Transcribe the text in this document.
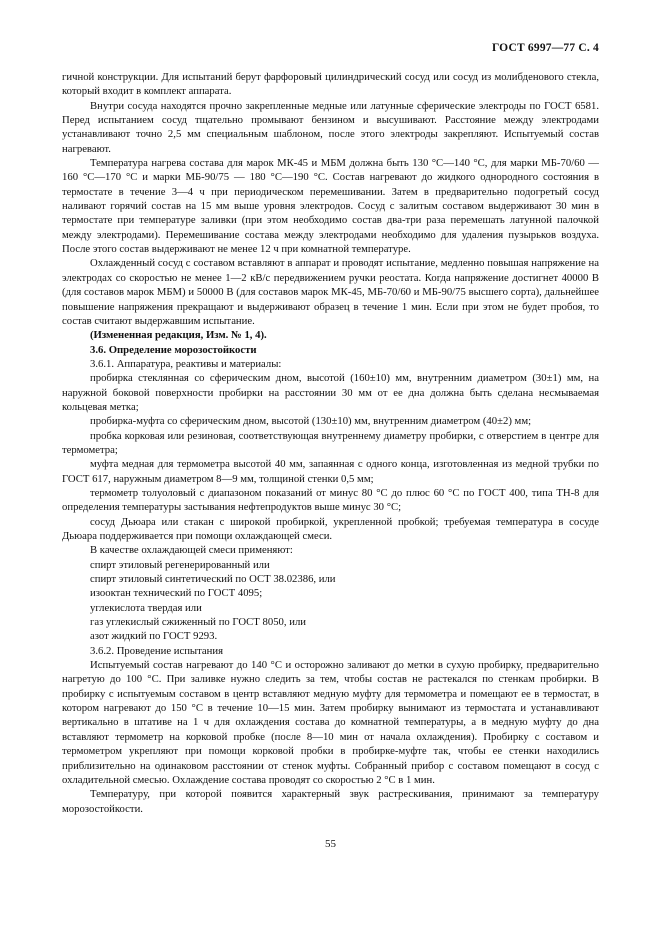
ГОСТ 6997—77 С. 4

гичной конструкции. Для испытаний берут фарфоровый цилиндрический сосуд или сосуд из молибденового стекла, который входит в комплект аппарата.

Внутри сосуда находятся прочно закрепленные медные или латунные сферические электроды по ГОСТ 6581. Перед испытанием сосуд тщательно промывают бензином и высушивают. Расстояние между электродами устанавливают точно 2,5 мм специальным шаблоном, после этого электроды закрепляют. Испытуемый состав нагревают.

Температура нагрева состава для марок МК-45 и МБМ должна быть 130 °С—140 °С, для марки МБ-70/60 — 160 °С—170 °С и марки МБ-90/75 — 180 °С—190 °С. Состав нагревают до жидкого однородного состояния в термостате в течение 3—4 ч при периодическом перемешивании. Затем в предварительно подогретый сосуд наливают горячий состав на 15 мм выше уровня электродов. Сосуд с залитым составом выдерживают 30 мин в термостате при температуре заливки (при этом необходимо состав два-три раза перемешать латунной палочкой между электродами). Перемешивание состава между электродами необходимо для удаления пузырьков воздуха. После этого состав выдерживают не менее 12 ч при комнатной температуре.

Охлажденный сосуд с составом вставляют в аппарат и проводят испытание, медленно повышая напряжение на электродах со скоростью не менее 1—2 кВ/с передвижением ручки реостата. Когда напряжение достигнет 40000 В (для составов марок МБМ) и 50000 В (для составов марок МК-45, МБ-70/60 и МБ-90/75 высшего сорта), дальнейшее повышение напряжения прекращают и выдерживают образец в течение 1 мин. Если при этом не будет пробоя, то состав считают выдержавшим испытание.

(Измененная редакция, Изм. № 1, 4).

3.6. Определение морозостойкости

3.6.1. Аппаратура, реактивы и материалы:

пробирка стеклянная со сферическим дном, высотой (160±10) мм, внутренним диаметром (30±1) мм, на наружной боковой поверхности пробирки на расстоянии 30 мм от ее дна должна быть сделана несмываемая кольцевая метка;

пробирка-муфта со сферическим дном, высотой (130±10) мм, внутренним диаметром (40±2) мм;

пробка корковая или резиновая, соответствующая внутреннему диаметру пробирки, с отверстием в центре для термометра;

муфта медная для термометра высотой 40 мм, запаянная с одного конца, изготовленная из медной трубки по ГОСТ 617, наружным диаметром 8—9 мм, толщиной стенки 0,5 мм;

термометр толуоловый с диапазоном показаний от минус 80 °С до плюс 60 °С по ГОСТ 400, типа ТН-8 для определения температуры застывания нефтепродуктов выше минус 30 °С;

сосуд Дьюара или стакан с широкой пробиркой, укрепленной пробкой; требуемая температура в сосуде Дьюара поддерживается при помощи охлаждающей смеси.

В качестве охлаждающей смеси применяют:

спирт этиловый регенерированный или

спирт этиловый синтетический по ОСТ 38.02386, или

изооктан технический по ГОСТ 4095;

углекислота твердая или

газ углекислый сжиженный по ГОСТ 8050, или

азот жидкий по ГОСТ 9293.

3.6.2. Проведение испытания

Испытуемый состав нагревают до 140 °С и осторожно заливают до метки в сухую пробирку, предварительно нагретую до 100 °С. При заливке нужно следить за тем, чтобы состав не растекался по стенкам пробирки. В пробирку с испытуемым составом в центр вставляют медную муфту для термометра и помещают ее в термостат, в котором нагревают до 150 °С в течение 10—15 мин. Затем пробирку вынимают из термостата и устанавливают вертикально в штативе на 1 ч для охлаждения состава до комнатной температуры, а в медную муфту до дна вставляют термометр на корковой пробке (после 8—10 мин от начала охлаждения). Пробирку с составом и термометром укрепляют при помощи корковой пробки в пробирке-муфте так, чтобы ее стенки находились приблизительно на одинаковом расстоянии от стенок муфты. Собранный прибор с составом помещают в сосуд с охладительной смесью. Охлаждение состава проводят со скоростью 2 °С в 1 мин.

Температуру, при которой появится характерный звук растрескивания, принимают за температуру морозостойкости.

55
